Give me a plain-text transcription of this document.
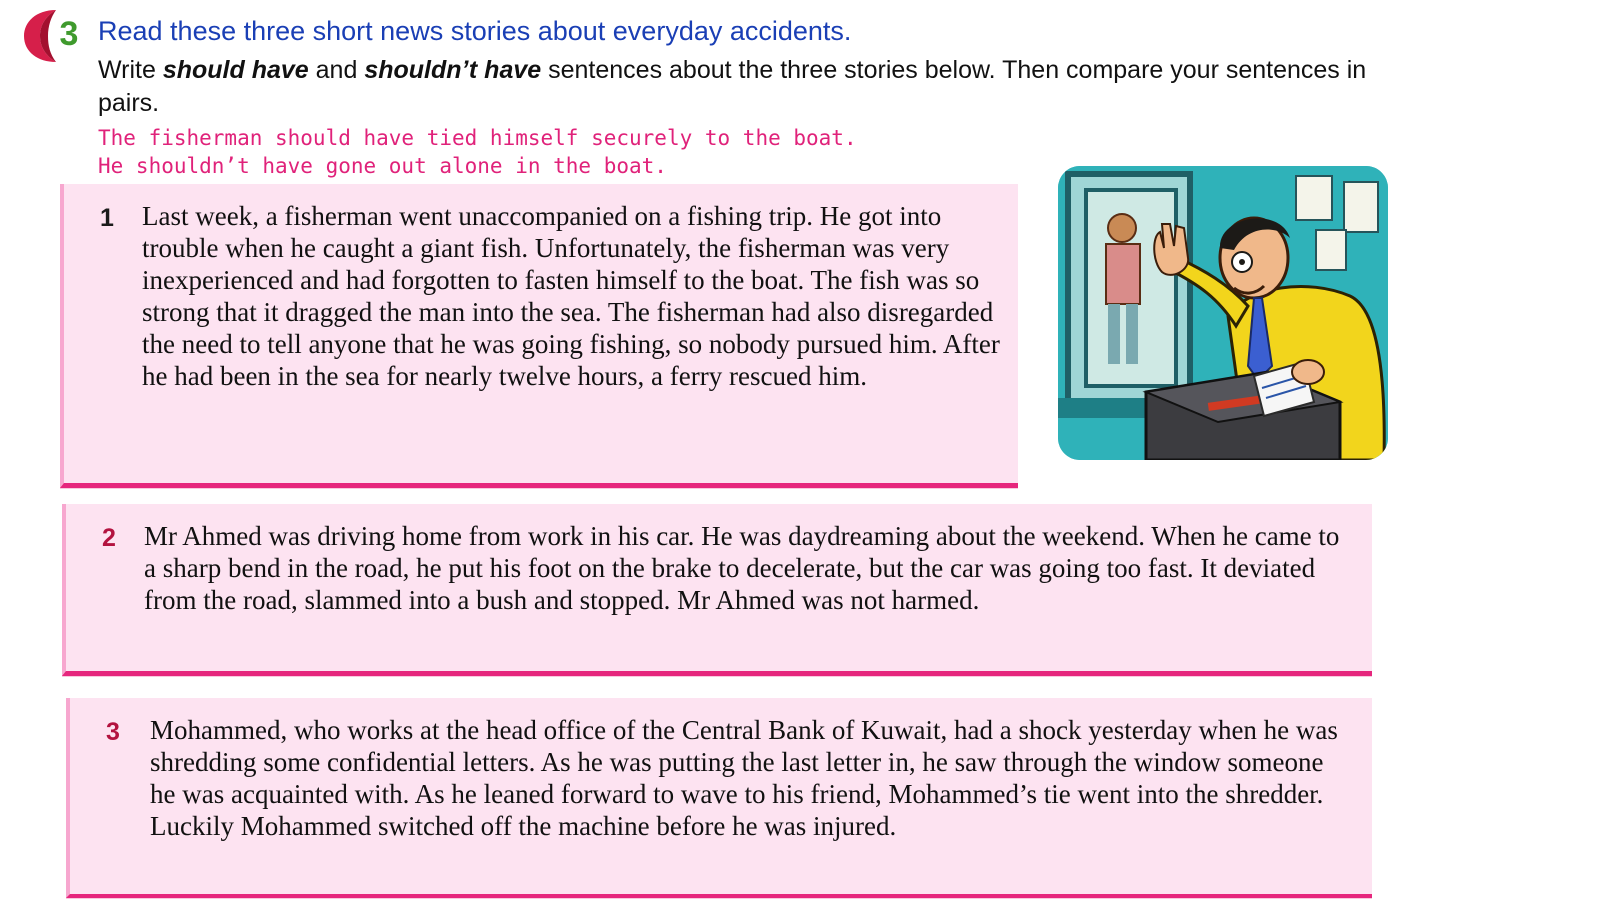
3 Read these three short news stories about everyday accidents.

Write should have and shouldn’t have sentences about the three stories below. Then compare your sentences in pairs.

The fisherman should have tied himself securely to the boat.
He shouldn’t have gone out alone in the boat.
1 Last week, a fisherman went unaccompanied on a fishing trip. He got into trouble when he caught a giant fish. Unfortunately, the fisherman was very inexperienced and had forgotten to fasten himself to the boat. The fish was so strong that it dragged the man into the sea. The fisherman had also disregarded the need to tell anyone that he was going fishing, so nobody pursued him. After he had been in the sea for nearly twelve hours, a ferry rescued him.

2 Mr Ahmed was driving home from work in his car. He was daydreaming about the weekend. When he came to a sharp bend in the road, he put his foot on the brake to decelerate, but the car was going too fast. It deviated from the road, slammed into a bush and stopped. Mr Ahmed was not harmed.

3 Mohammed, who works at the head office of the Central Bank of Kuwait, had a shock yesterday when he was shredding some confidential letters. As he was putting the last letter in, he saw through the window someone he was acquainted with. As he leaned forward to wave to his friend, Mohammed’s tie went into the shredder. Luckily Mohammed switched off the machine before he was injured.
